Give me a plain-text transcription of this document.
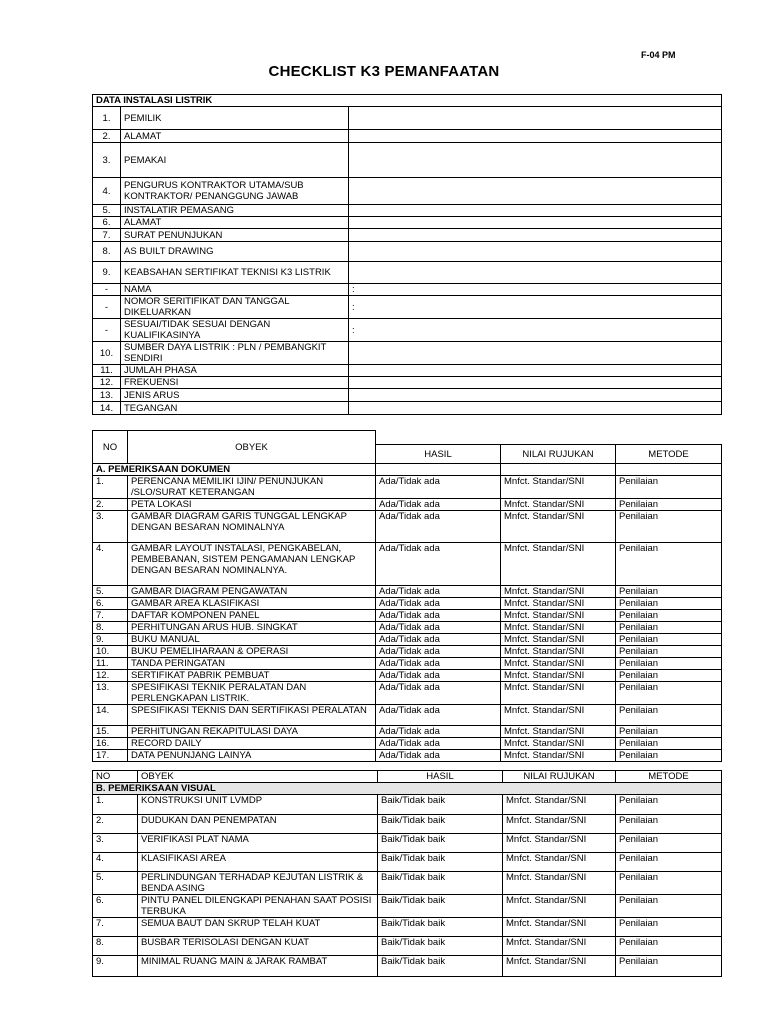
F-04 PM
CHECKLIST K3 PEMANFAATAN
DATA INSTALASI LISTRIK		
1.	PEMILIK	
2.	ALAMAT	
3.	PEMAKAI	
4.	PENGURUS KONTRAKTOR UTAMA/SUB KONTRAKTOR/ PENANGGUNG JAWAB	
5.	INSTALATIR PEMASANG	
6.	ALAMAT	
7.	SURAT PENUNJUKAN	
8.	AS BUILT DRAWING	
9.	KEABSAHAN SERTIFIKAT TEKNISI K3 LISTRIK	
-	NAMA	:
-	NOMOR SERITIFIKAT DAN TANGGAL DIKELUARKAN	:
-	SESUAI/TIDAK SESUAI DENGAN KUALIFIKASINYA	:
10.	SUMBER DAYA LISTRIK : PLN / PEMBANGKIT SENDIRI	
11.	JUMLAH PHASA	
12.	FREKUENSI	
13.	JENIS ARUS	
14.	TEGANGAN	
NO	OBYEK			
		HASIL	NILAI RUJUKAN	METODE
A. PEMERIKSAAN DOKUMEN				
1.	PERENCANA MEMILIKI IJIN/ PENUNJUKAN /SLO/SURAT KETERANGAN	Ada/Tidak ada	Mnfct. Standar/SNI	Penilaian
2.	PETA LOKASI	Ada/Tidak ada	Mnfct. Standar/SNI	Penilaian
3.	GAMBAR DIAGRAM GARIS TUNGGAL LENGKAP DENGAN BESARAN NOMINALNYA	Ada/Tidak ada	Mnfct. Standar/SNI	Penilaian
4.	GAMBAR LAYOUT INSTALASI, PENGKABELAN, PEMBEBANAN, SISTEM PENGAMANAN LENGKAP DENGAN BESARAN NOMINALNYA.	Ada/Tidak ada	Mnfct. Standar/SNI	Penilaian
5.	GAMBAR DIAGRAM PENGAWATAN	Ada/Tidak ada	Mnfct. Standar/SNI	Penilaian
6.	GAMBAR AREA KLASIFIKASI	Ada/Tidak ada	Mnfct. Standar/SNI	Penilaian
7.	DAFTAR KOMPONEN PANEL	Ada/Tidak ada	Mnfct. Standar/SNI	Penilaian
8.	PERHITUNGAN ARUS HUB. SINGKAT	Ada/Tidak ada	Mnfct. Standar/SNI	Penilaian
9.	BUKU MANUAL	Ada/Tidak ada	Mnfct. Standar/SNI	Penilaian
10.	BUKU PEMELIHARAAN & OPERASI	Ada/Tidak ada	Mnfct. Standar/SNI	Penilaian
11.	TANDA PERINGATAN	Ada/Tidak ada	Mnfct. Standar/SNI	Penilaian
12.	SERTIFIKAT PABRIK PEMBUAT	Ada/Tidak ada	Mnfct. Standar/SNI	Penilaian
13.	SPESIFIKASI TEKNIK PERALATAN DAN PERLENGKAPAN LISTRIK.	Ada/Tidak ada	Mnfct. Standar/SNI	Penilaian
14.	SPESIFIKASI TEKNIS DAN SERTIFIKASI PERALATAN	Ada/Tidak ada	Mnfct. Standar/SNI	Penilaian
15.	PERHITUNGAN REKAPITULASI DAYA	Ada/Tidak ada	Mnfct. Standar/SNI	Penilaian
16.	RECORD DAILY	Ada/Tidak ada	Mnfct. Standar/SNI	Penilaian
17.	DATA PENUNJANG LAINYA	Ada/Tidak ada	Mnfct. Standar/SNI	Penilaian
NO	OBYEK	HASIL	NILAI RUJUKAN	METODE
B. PEMERIKSAAN VISUAL				
1.	KONSTRUKSI UNIT LVMDP	Baik/Tidak baik	Mnfct. Standar/SNI	Penilaian
2.	DUDUKAN DAN PENEMPATAN	Baik/Tidak baik	Mnfct. Standar/SNI	Penilaian
3.	VERIFIKASI PLAT NAMA	Baik/Tidak baik	Mnfct. Standar/SNI	Penilaian
4.	KLASIFIKASI AREA	Baik/Tidak baik	Mnfct. Standar/SNI	Penilaian
5.	PERLINDUNGAN TERHADAP KEJUTAN LISTRIK & BENDA ASING	Baik/Tidak baik	Mnfct. Standar/SNI	Penilaian
6.	PINTU PANEL DILENGKAPI PENAHAN SAAT POSISI TERBUKA	Baik/Tidak baik	Mnfct. Standar/SNI	Penilaian
7.	SEMUA BAUT DAN SKRUP TELAH KUAT	Baik/Tidak baik	Mnfct. Standar/SNI	Penilaian
8.	BUSBAR TERISOLASI DENGAN KUAT	Baik/Tidak baik	Mnfct. Standar/SNI	Penilaian
9.	MINIMAL RUANG MAIN & JARAK RAMBAT	Baik/Tidak baik	Mnfct. Standar/SNI	Penilaian
